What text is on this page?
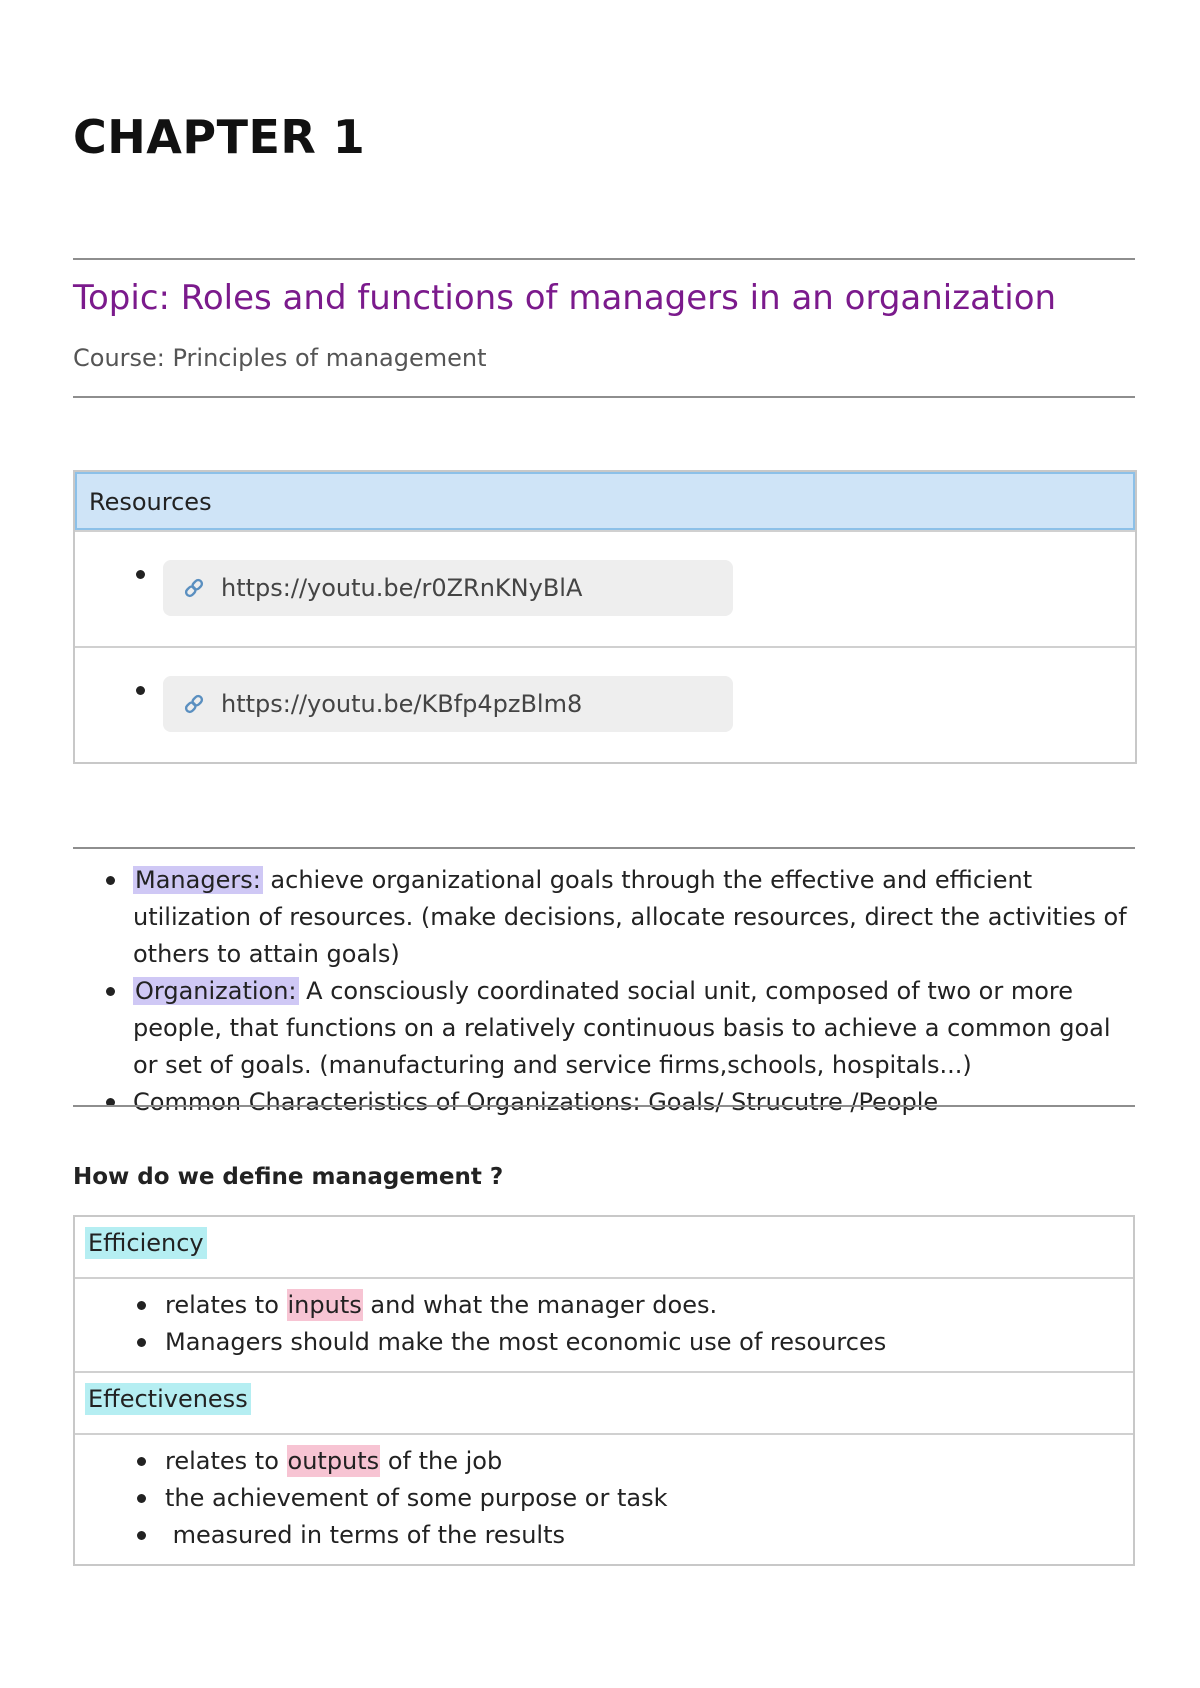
CHAPTER 1
Topic: Roles and functions of managers in an organization
Course: Principles of management
Resources
https://youtu.be/r0ZRnKNyBlA
https://youtu.be/KBfp4pzBlm8
Managers: achieve organizational goals through the effective and efficient utilization of resources. (make decisions, allocate resources, direct the activities of others to attain goals)
Organization: A consciously coordinated social unit, composed of two or more people, that functions on a relatively continuous basis to achieve a common goal or set of goals. (manufacturing and service firms,schools, hospitals...)
Common Characteristics of Organizations: Goals/ Strucutre /People
How do we define management ?
Efficiency
relates to inputs and what the manager does.
Managers should make the most economic use of resources
Effectiveness
relates to outputs of the job
the achievement of some purpose or task
measured in terms of the results
